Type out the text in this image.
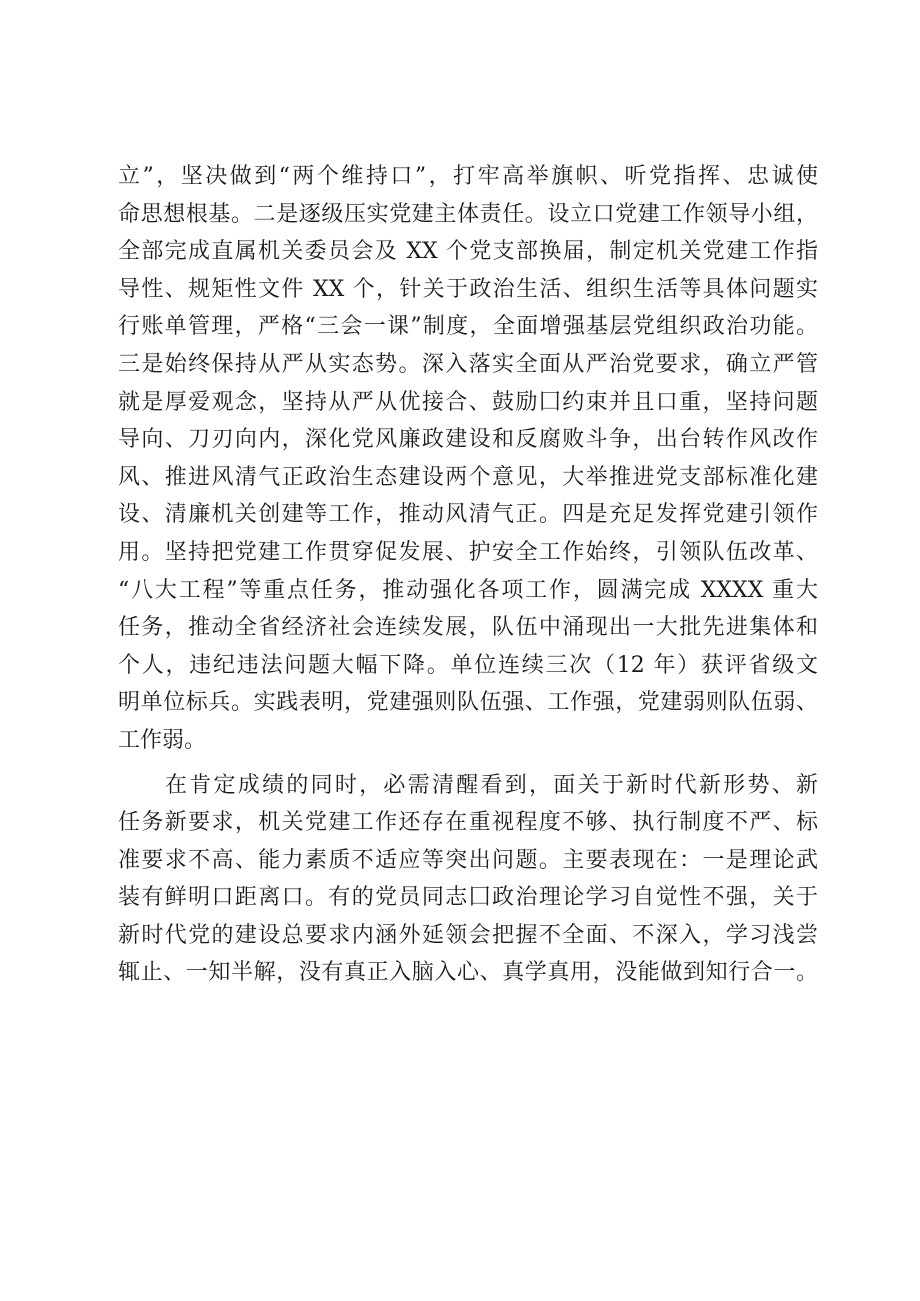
立”，坚决做到“两个维持口”，打牢高举旗帜、听党指挥、忠诚使
命思想根基。二是逐级压实党建主体责任。设立口党建工作领导小组，
全部完成直属机关委员会及 XX 个党支部换届，制定机关党建工作指
导性、规矩性文件 XX 个，针关于政治生活、组织生活等具体问题实
行账单管理，严格“三会一课”制度，全面增强基层党组织政治功能。
三是始终保持从严从实态势。深入落实全面从严治党要求，确立严管
就是厚爱观念，坚持从严从优接合、鼓励囗约束并且口重，坚持问题
导向、刀刃向内，深化党风廉政建设和反腐败斗争，出台转作风改作
风、推进风清气正政治生态建设两个意见，大举推进党支部标准化建
设、清廉机关创建等工作，推动风清气正。四是充足发挥党建引领作
用。坚持把党建工作贯穿促发展、护安全工作始终，引领队伍改革、
“八大工程”等重点任务，推动强化各项工作，圆满完成 XXXX 重大
任务，推动全省经济社会连续发展，队伍中涌现出一大批先进集体和
个人，违纪违法问题大幅下降。单位连续三次（12 年）获评省级文
明单位标兵。实践表明，党建强则队伍强、工作强，党建弱则队伍弱、
工作弱。
在肯定成绩的同时，必需清醒看到，面关于新时代新形势、新
任务新要求，机关党建工作还存在重视程度不够、执行制度不严、标
准要求不高、能力素质不适应等突出问题。主要表现在：一是理论武
装有鲜明口距离口。有的党员同志囗政治理论学习自觉性不强，关于
新时代党的建设总要求内涵外延领会把握不全面、不深入，学习浅尝
辄止、一知半解，没有真正入脑入心、真学真用，没能做到知行合一。
